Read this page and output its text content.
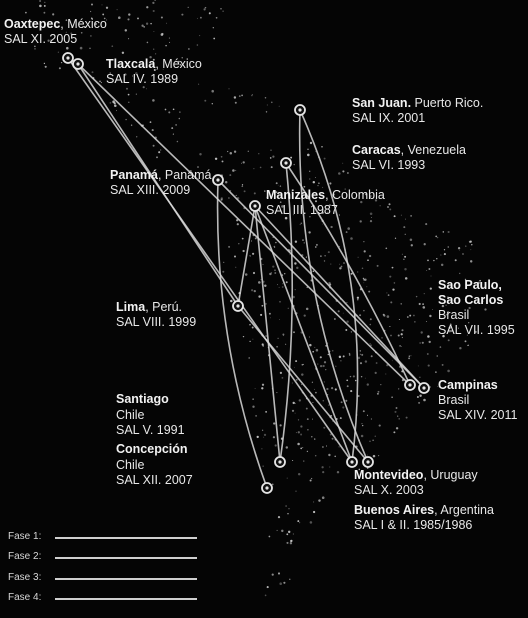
Oaxtepec, México
SAL XI. 2005
Tlaxcala, México
SAL IV. 1989
San Juan. Puerto Rico.
SAL IX. 2001
Caracas, Venezuela
SAL VI. 1993
Panamá, Panamá
SAL XIII. 2009	Manizales, Colombia
SAL III. 1987
Sao Paulo, Sao Carlos
Brasil
SAL VII. 1995
Lima, Perú.
SAL VIII. 1999
Campinas
Brasil
SAL XIV. 2011
Santiago
Chile
SAL V. 1991
Concepción
Chile
SAL XII. 2007	Montevideo, Uruguay
SAL X. 2003
Buenos Aires, Argentina
SAL I & II. 1985/1986
Fase 1:
Fase 2:
Fase 3:
Fase 4:
